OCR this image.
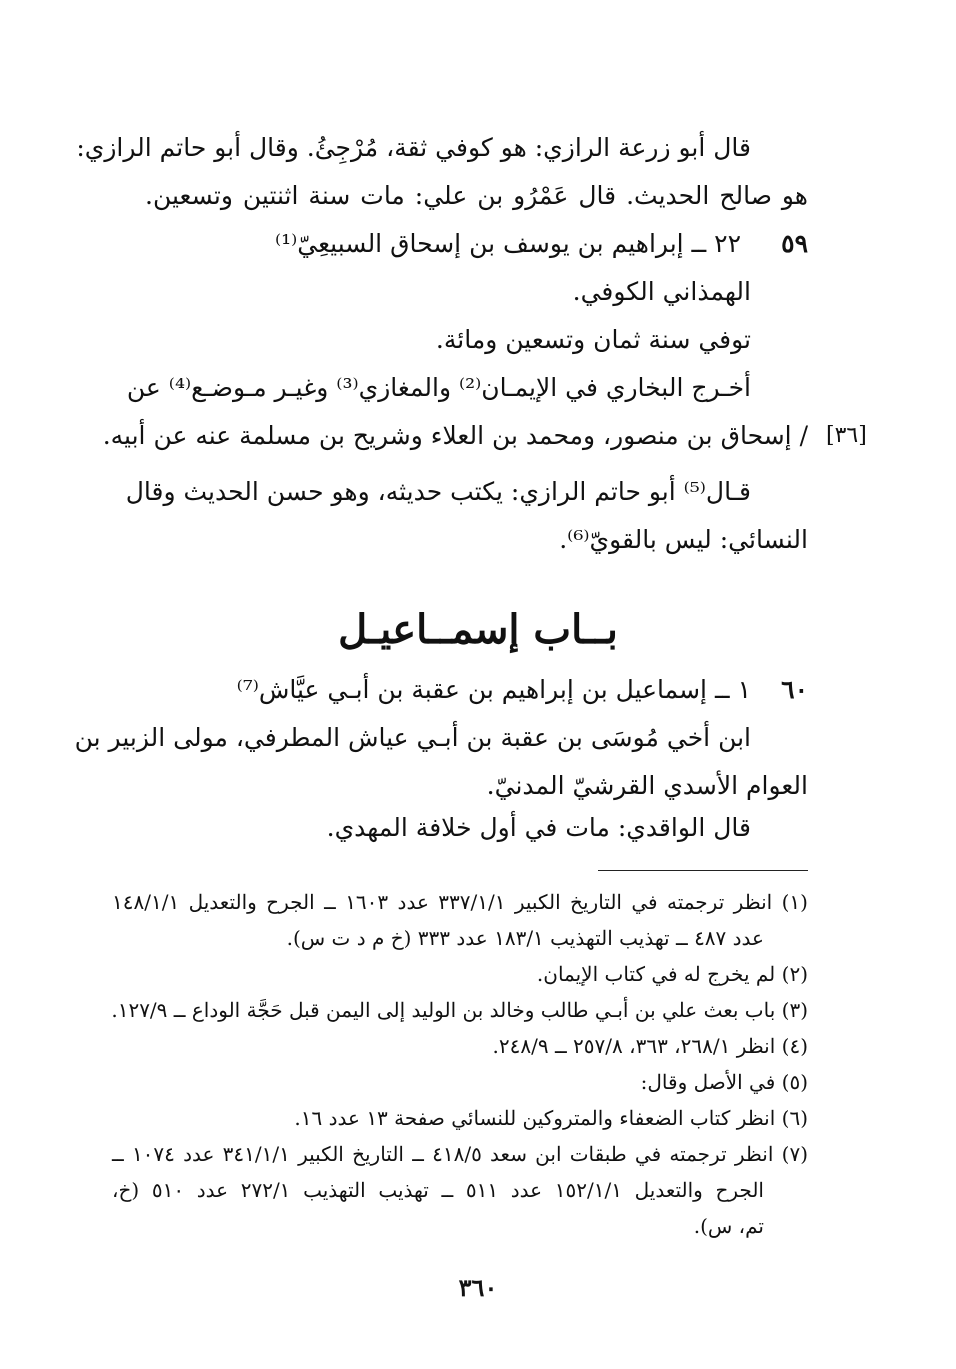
قال أبو زرعة الرازي: هو كوفي ثقة، مُرْجِئُ. وقال أبو حاتم الرازي:
هو صالح الحديث. قال عَمْرُو بن علي: مات سنة اثنتين وتسعين.
٥٩
٢٢ ــ إبراهيم بن يوسف بن إسحاق السبيعِيّ⁽¹⁾
الهمذاني الكوفي.
توفي سنة ثمان وتسعين ومائة.
أخـرج البخاري في الإيمـان⁽²⁾ والمغازي⁽³⁾ وغيـر مـوضـع⁽⁴⁾ عن
/ إسحاق بن منصور، ومحمد بن العلاء وشريح بن مسلمة عنه عن أبيه. [٣٦]
قـال⁽⁵⁾ أبو حاتم الرازي: يكتب حديثه، وهو حسن الحديث وقال
النسائي: ليس بالقويّ⁽⁶⁾.
بــاب إسمــاعيـل
٦٠
١ ــ إسماعيل بن إبراهيم بن عقبة بن أبـي عيَّاش⁽⁷⁾
ابن أخي مُوسَى بن عقبة بن أبـي عياش المطرفي، مولى الزبير بن
العوام الأسدي القرشيّ المدنيّ.
قال الواقدي: مات في أول خلافة المهدي.
(١) انظر ترجمته في التاريخ الكبير ٣٣٧/١/١ عدد ١٦٠٣ ــ الجرح والتعديل ١٤٨/١/١
عدد ٤٨٧ ــ تهذيب التهذيب ١٨٣/١ عدد ٣٣٣ (خ م د ت س).
(٢) لم يخرج له في كتاب الإيمان.
(٣) باب بعث علي بن أبـي طالب وخالد بن الوليد إلى اليمن قبل حَجَّة الوداع ــ ١٢٧/٩.
(٤) انظر ٢٦٨/١، ٣٦٣، ٢٥٧/٨ ــ ٢٤٨/٩.
(٥) في الأصل وقال:
(٦) انظر كتاب الضعفاء والمتروكين للنسائي صفحة ١٣ عدد ١٦.
(٧) انظر ترجمته في طبقات ابن سعد ٤١٨/٥ ــ التاريخ الكبير ٣٤١/١/١ عدد ١٠٧٤ ــ
الجرح والتعديل ١٥٢/١/١ عدد ٥١١ ــ تهذيب التهذيب ٢٧٢/١ عدد ٥١٠ (خ،
تم، س).
٣٦٠
